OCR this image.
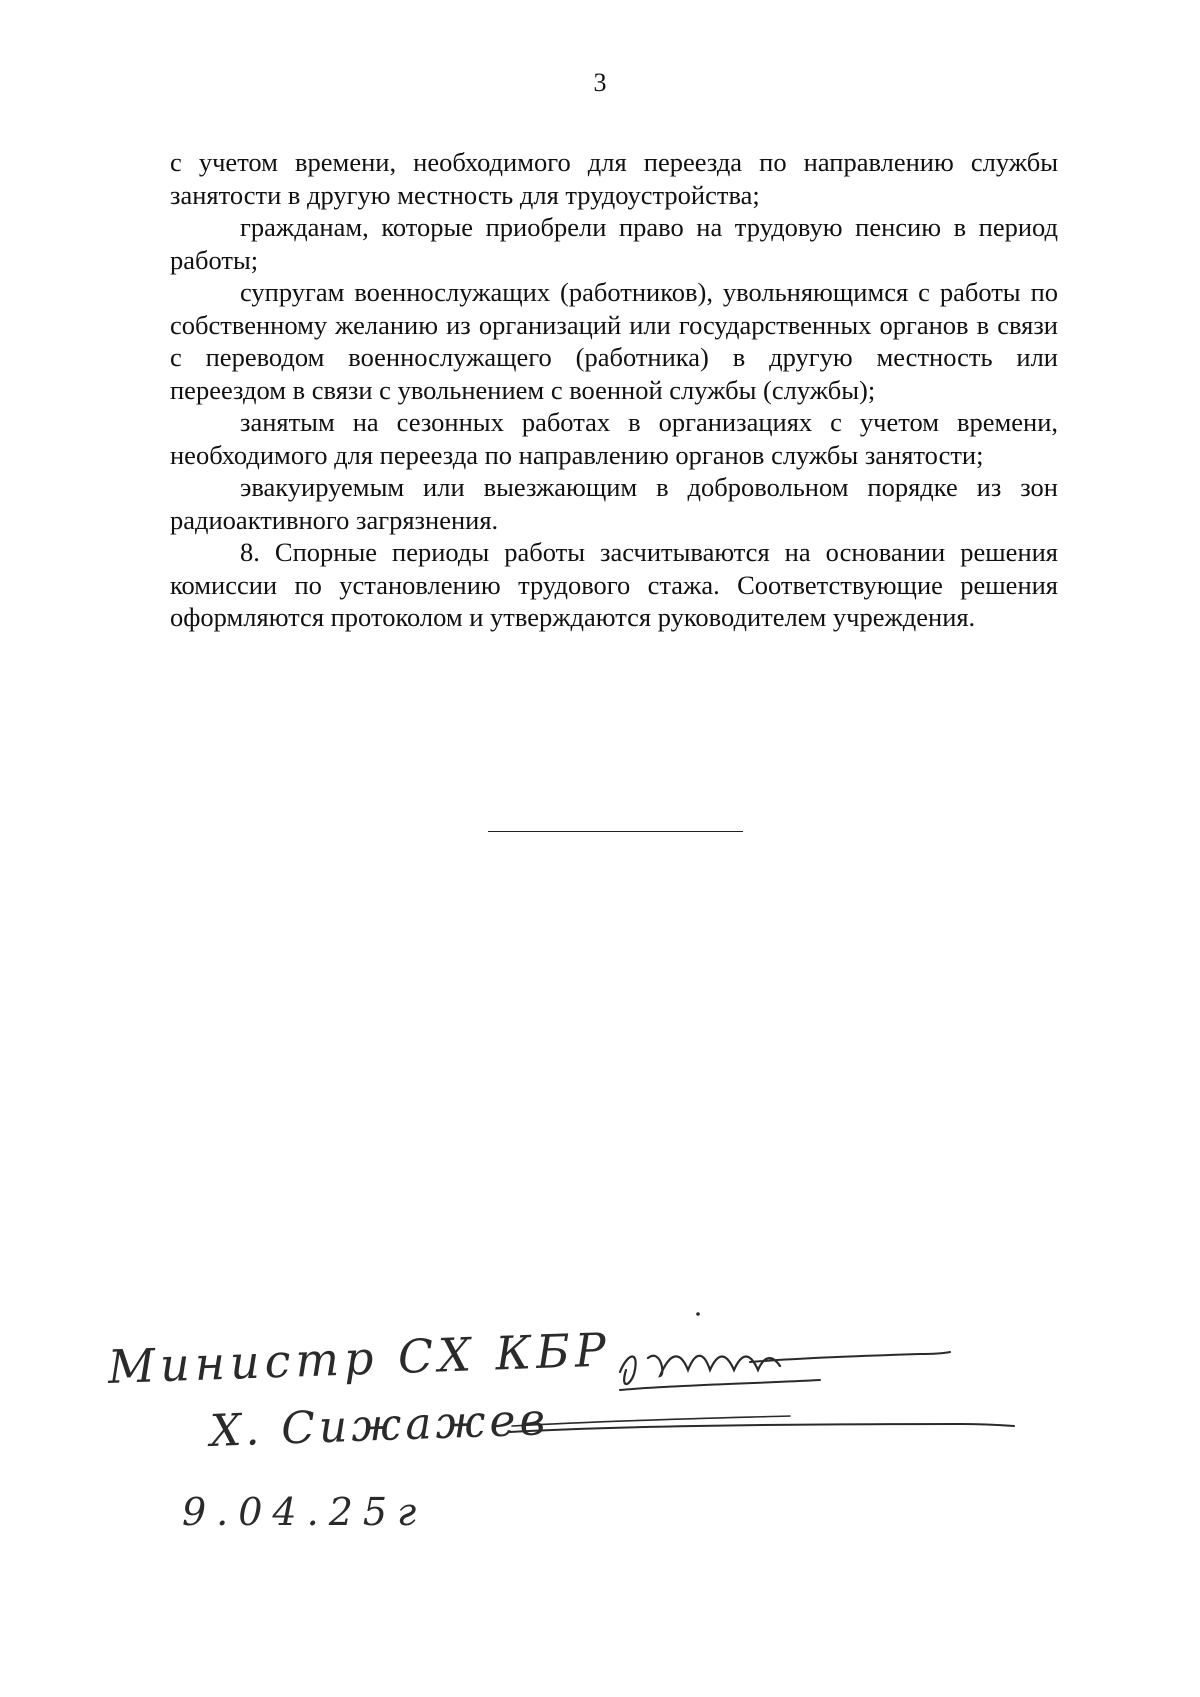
3

с учетом времени, необходимого для переезда по направлению службы занятости в другую местность для трудоустройства;

гражданам, которые приобрели право на трудовую пенсию в период работы;

супругам военнослужащих (работников), увольняющимся с работы по собственному желанию из организаций или государственных органов в связи с переводом военнослужащего (работника) в другую местность или переездом в связи с увольнением с военной службы (службы);

занятым на сезонных работах в организациях с учетом времени, необходимого для переезда по направлению органов службы занятости;

эвакуируемым или выезжающим в добровольном порядке из зон радиоактивного загрязнения.

8. Спорные периоды работы засчитываются на основании решения комиссии по установлению трудового стажа. Соответствующие решения оформляются протоколом и утверждаются руководителем учреждения.

Министр СХ КБР
Х. Сижажев
9.04.25г
